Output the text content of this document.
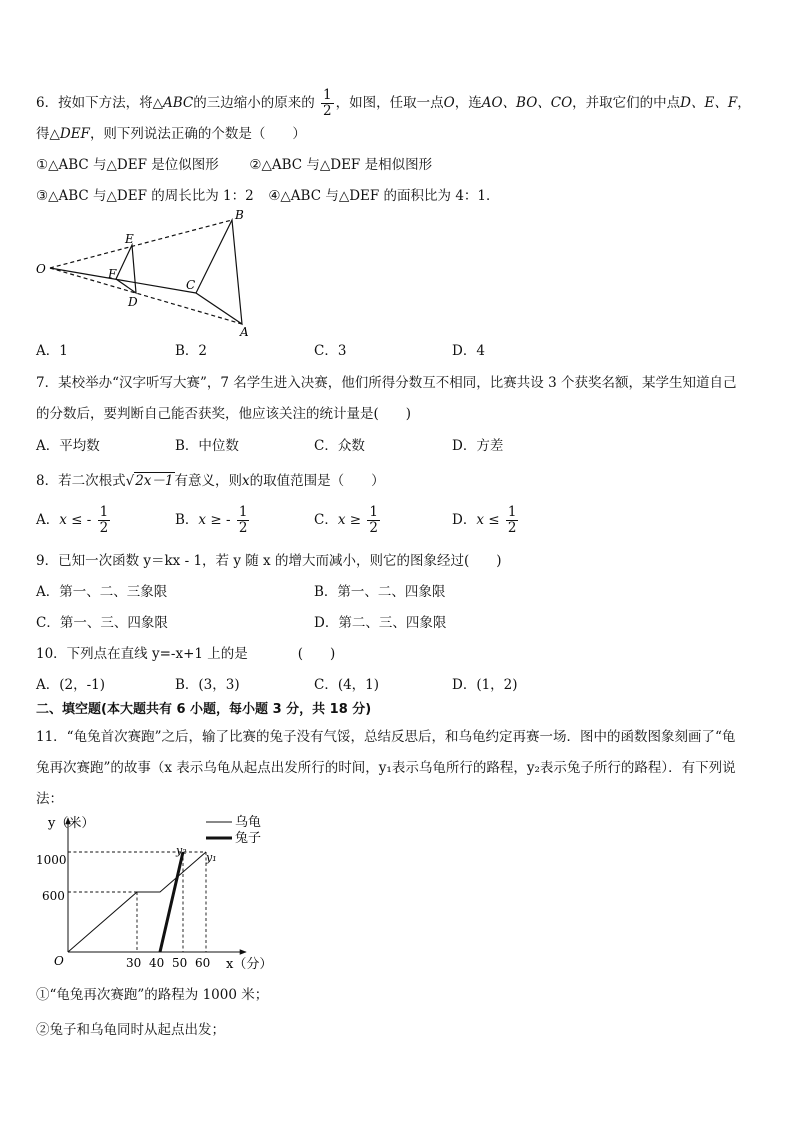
6．按如下方法，将△ABC的三边缩小的原来的 $\frac{1}{2}$ ，如图，任取一点O，连AO、BO、CO，并取它们的中点D、E、F，
得△DEF，则下列说法正确的个数是（　　）
①△ABC 与△DEF 是位似图形 ②△ABC 与△DEF 是相似图形
③△ABC 与△DEF 的周长比为 1：2 ④△ABC 与△DEF 的面积比为 4：1．
O
E
F
D
C
B
A
A．1	B．2	C．3	D．4
7．某校举办“汉字听写大赛”，7 名学生进入决赛，他们所得分数互不相同，比赛共设 3 个获奖名额，某学生知道自己
的分数后，要判断自己能否获奖，他应该关注的统计量是(　　)
A．平均数	B．中位数	C．众数	D．方差
8．若二次根式√2x－1有意义，则x的取值范围是（　　）
A．x ≤ - $\frac{1}{2}$	B．x ≥ - $\frac{1}{2}$	C．$x \ge \frac{1}{2}$	D．$x \le \frac{1}{2}$
9．已知一次函数 y＝kx - 1，若 y 随 x 的增大而减小，则它的图象经过(　　)
A．第一、二、三象限	B．第一、二、四象限
C．第一、三、四象限	D．第二、三、四象限
10．下列点在直线 y=-x+1 上的是	(　　)
A．(2，-1)	B．(3，3)	C．(4，1)	D．(1，2)
二、填空题(本大题共有 6 小题，每小题 3 分，共 18 分)
11．“龟兔首次赛跑”之后，输了比赛的兔子没有气馁，总结反思后，和乌龟约定再赛一场．图中的函数图象刻画了“龟
兔再次赛跑”的故事（x 表示乌龟从起点出发所行的时间，y₁表示乌龟所行的路程，y₂表示兔子所行的路程）．有下列说
法：
y（米）
x（分）
O
1000
600
30 40 50 60
y₂
y₁
乌龟
兔子
①“龟兔再次赛跑”的路程为 1000 米；
②兔子和乌龟同时从起点出发；
